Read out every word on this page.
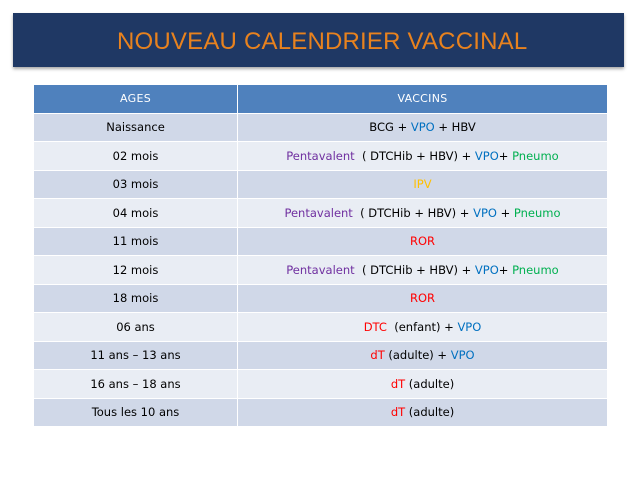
NOUVEAU CALENDRIER VACCINAL
AGES	VACCINS
Naissance	BCG + VPO + HBV
02 mois	Pentavalent  ( DTCHib + HBV) + VPO+ Pneumo
03 mois	IPV
04 mois	Pentavalent  ( DTCHib + HBV) + VPO + Pneumo
11 mois	ROR
12 mois	Pentavalent  ( DTCHib + HBV) + VPO+ Pneumo
18 mois	ROR
06 ans	DTC  (enfant) + VPO
11 ans – 13 ans	dT (adulte) + VPO
16 ans – 18 ans	dT (adulte)
Tous les 10 ans	dT (adulte)
